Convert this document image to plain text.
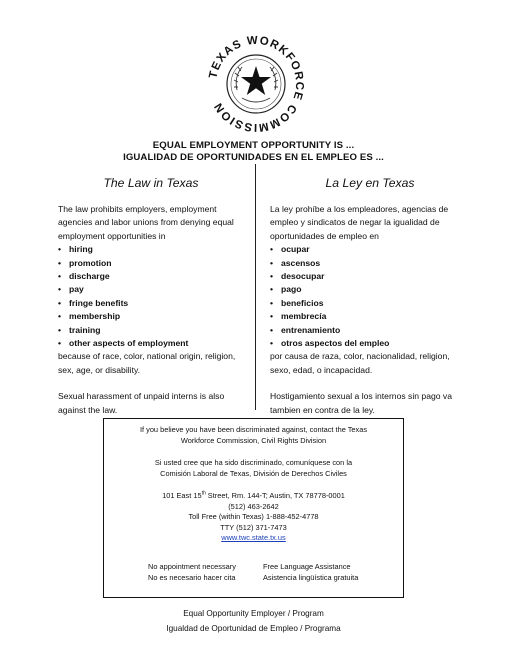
TEXAS WORKFORCE COMMISSION
EQUAL EMPLOYMENT OPPORTUNITY IS ...
IGUALIDAD DE OPORTUNIDADES EN EL EMPLEO ES ...
The Law in Texas

The law prohibits employers, employment agencies and labor unions from denying equal employment opportunities in

• hiring
• promotion
• discharge
• pay
• fringe benefits
• membership
• training
• other aspects of employment

because of race, color, national origin, religion, sex, age, or disability.

Sexual harassment of unpaid interns is also against the law.

La Ley en Texas

La ley prohíbe a los empleadores, agencias de empleo y sindicatos de negar la igualidad de oportunidades de empleo en

• ocupar
• ascensos
• desocupar
• pago
• beneficios
• membrecía
• entrenamiento
• otros aspectos del empleo

por causa de raza, color, nacionalidad, religion, sexo, edad, o incapacidad.

Hostigamiento sexual a los internos sin pago va tambien en contra de la ley.

If you believe you have been discriminated against, contact the Texas
Workforce Commission, Civil Rights Division
Si usted cree que ha sido discriminado, comuníquese con la
Comisión Laboral de Texas, División de Derechos Civiles
101 East 15th Street, Rm. 144-T; Austin, TX 78778-0001
(512) 463-2642
Toll Free (within Texas) 1-888-452-4778
TTY (512) 371-7473
www.twc.state.tx.us
No appointment necessary
No es necesario hacer cita
Free Language Assistance
Asistencia lingüística gratuita
Equal Opportunity Employer / Program
Igualdad de Oportunidad de Empleo / Programa
